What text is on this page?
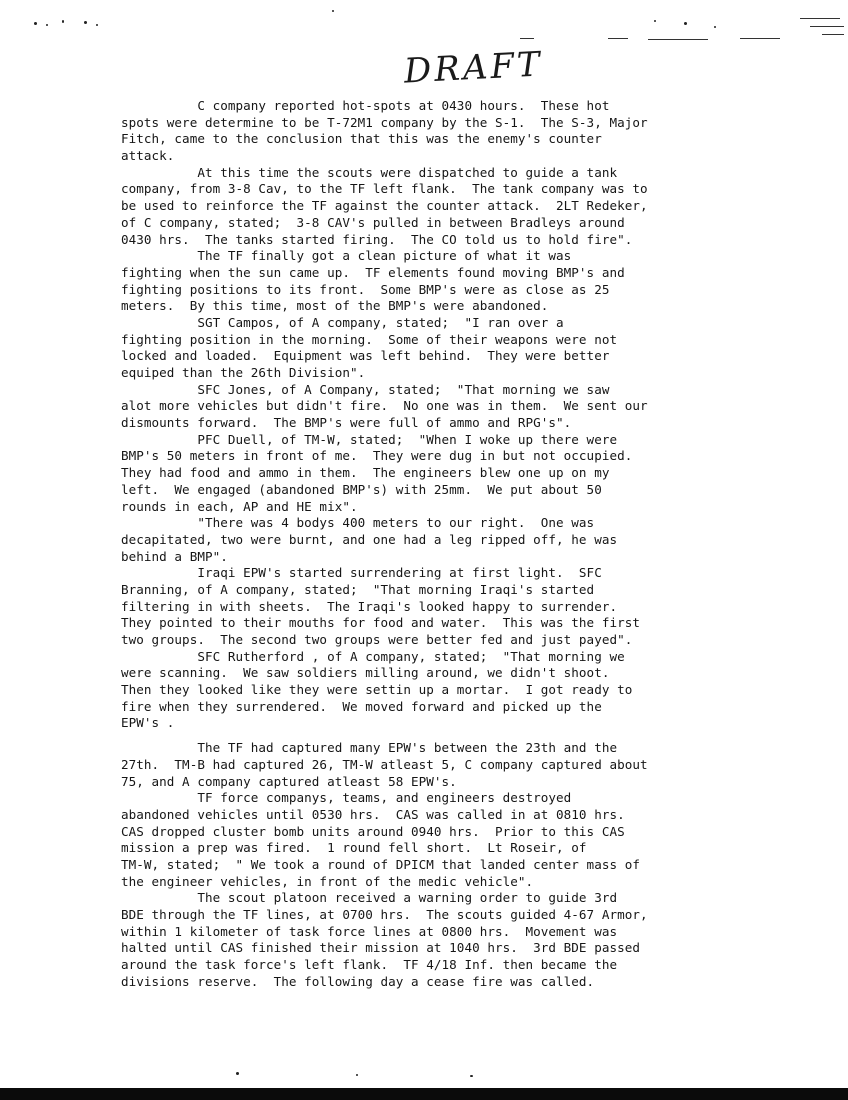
DRAFT
C company reported hot-spots at 0430 hours.  These hot
spots were determine to be T-72M1 company by the S-1.  The S-3, Major
Fitch, came to the conclusion that this was the enemy's counter
attack.
At this time the scouts were dispatched to guide a tank
company, from 3-8 Cav, to the TF left flank.  The tank company was to
be used to reinforce the TF against the counter attack.  2LT Redeker,
of C company, stated;  3-8 CAV's pulled in between Bradleys around
0430 hrs.  The tanks started firing.  The CO told us to hold fire".
The TF finally got a clean picture of what it was
fighting when the sun came up.  TF elements found moving BMP's and
fighting positions to its front.  Some BMP's were as close as 25
meters.  By this time, most of the BMP's were abandoned.
SGT Campos, of A company, stated;  "I ran over a
fighting position in the morning.  Some of their weapons were not
locked and loaded.  Equipment was left behind.  They were better
equiped than the 26th Division".
SFC Jones, of A Company, stated;  "That morning we saw
alot more vehicles but didn't fire.  No one was in them.  We sent our
dismounts forward.  The BMP's were full of ammo and RPG's".
PFC Duell, of TM-W, stated;  "When I woke up there were
BMP's 50 meters in front of me.  They were dug in but not occupied.
They had food and ammo in them.  The engineers blew one up on my
left.  We engaged (abandoned BMP's) with 25mm.  We put about 50
rounds in each, AP and HE mix".
"There was 4 bodys 400 meters to our right.  One was
decapitated, two were burnt, and one had a leg ripped off, he was
behind a BMP".
Iraqi EPW's started surrendering at first light.  SFC
Branning, of A company, stated;  "That morning Iraqi's started
filtering in with sheets.  The Iraqi's looked happy to surrender.
They pointed to their mouths for food and water.  This was the first
two groups.  The second two groups were better fed and just payed".
SFC Rutherford , of A company, stated;  "That morning we
were scanning.  We saw soldiers milling around, we didn't shoot.
Then they looked like they were settin up a mortar.  I got ready to
fire when they surrendered.  We moved forward and picked up the
EPW's .
The TF had captured many EPW's between the 23th and the
27th.  TM-B had captured 26, TM-W atleast 5, C company captured about
75, and A company captured atleast 58 EPW's.
TF force companys, teams, and engineers destroyed
abandoned vehicles until 0530 hrs.  CAS was called in at 0810 hrs.
CAS dropped cluster bomb units around 0940 hrs.  Prior to this CAS
mission a prep was fired.  1 round fell short.  Lt Roseir, of
TM-W, stated;  " We took a round of DPICM that landed center mass of
the engineer vehicles, in front of the medic vehicle".
The scout platoon received a warning order to guide 3rd
BDE through the TF lines, at 0700 hrs.  The scouts guided 4-67 Armor,
within 1 kilometer of task force lines at 0800 hrs.  Movement was
halted until CAS finished their mission at 1040 hrs.  3rd BDE passed
around the task force's left flank.  TF 4/18 Inf. then became the
divisions reserve.  The following day a cease fire was called.
